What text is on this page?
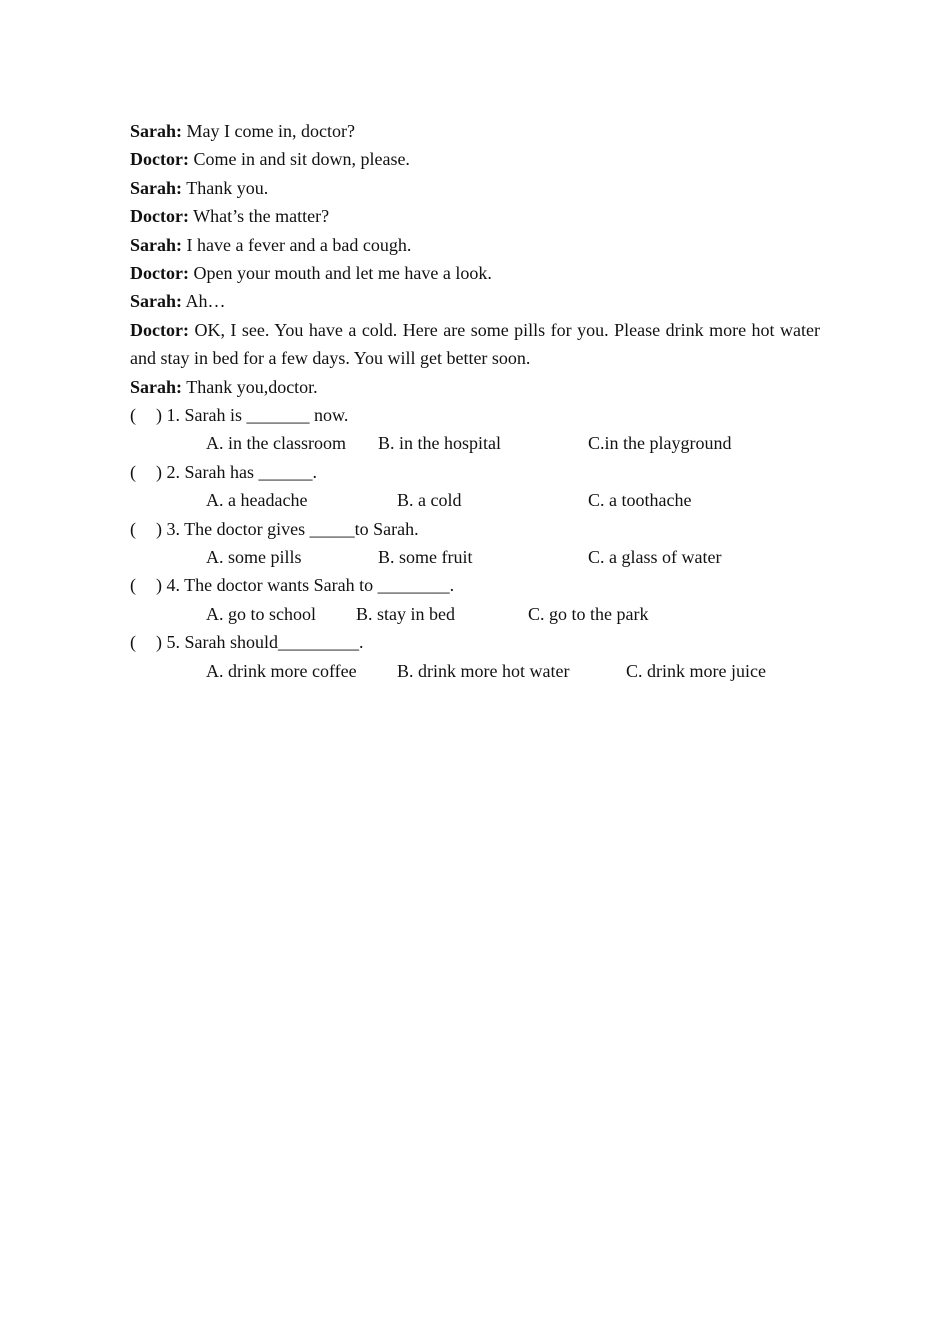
Sarah: May I come in, doctor?
Doctor: Come in and sit down, please.
Sarah: Thank you.
Doctor: What’s the matter?
Sarah: I have a fever and a bad cough.
Doctor: Open your mouth and let me have a look.
Sarah: Ah…
Doctor: OK, I see. You have a cold. Here are some pills for you. Please drink more hot water and stay in bed for a few days. You will get better soon.
Sarah: Thank you,doctor.
( ) 1. Sarah is _______ now.
A. in the classroom B. in the hospital	C.in the playground
( ) 2. Sarah has ______.
A. a headache	B. a cold	C. a toothache
( ) 3. The doctor gives _____to Sarah.
A. some pills	B. some fruit	C. a glass of water
( ) 4. The doctor wants Sarah to ________.
A. go to school B. stay in bed	C. go to the park
( ) 5. Sarah should_________.
A. drink more coffee B. drink more hot water	C. drink more juice
